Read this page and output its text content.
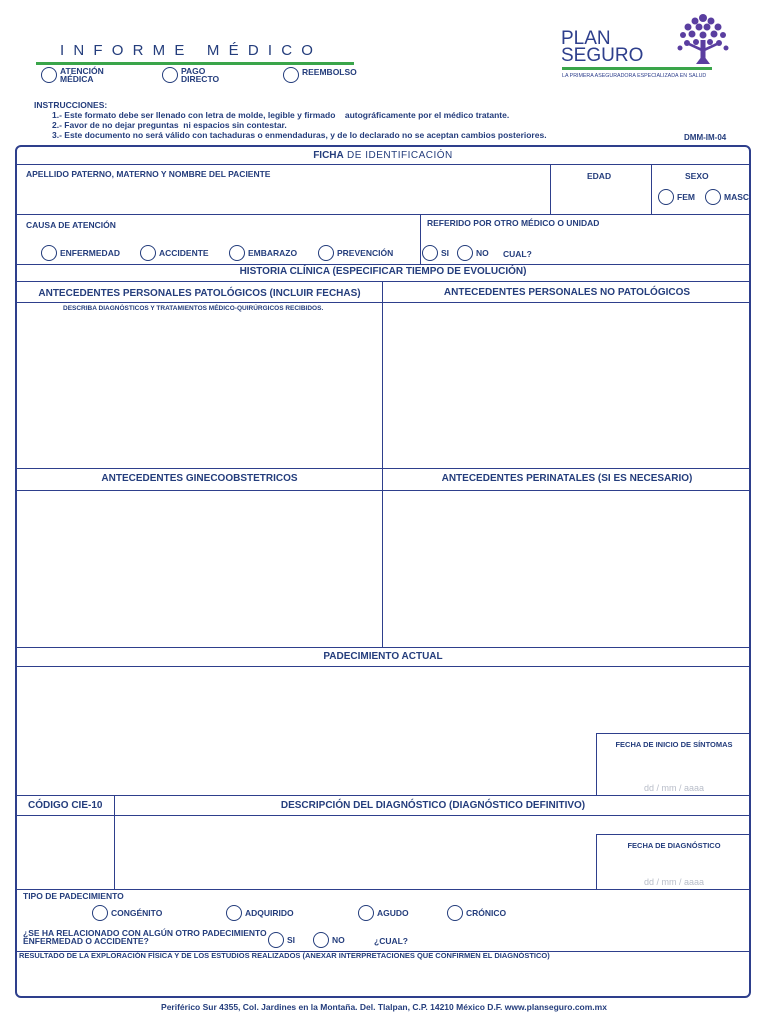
INFORME MÉDICO
ATENCIÓN
MÉDICA
PAGO
DIRECTO
REEMBOLSO
PLAN
SEGURO
LA PRIMERA ASEGURADORA ESPECIALIZADA EN SALUD
INSTRUCCIONES:
1.- Este formato debe ser llenado con letra de molde, legible y firmado    autográficamente por el médico tratante.
2.- Favor de no dejar preguntas  ni espacios sin contestar.
3.- Este documento no será válido con tachaduras o enmendaduras, y de lo declarado no se aceptan cambios posteriores.	DMM-IM-04
FICHA DE IDENTIFICACIÓN
APELLIDO PATERNO, MATERNO Y NOMBRE DEL PACIENTE	EDAD	SEXO
FEM	MASC
CAUSA DE ATENCIÓN
ENFERMEDAD	ACCIDENTE	EMBARAZO	PREVENCIÓN
REFERIDO POR OTRO MÉDICO O UNIDAD
SI	NO CUAL?
HISTORIA CLÍNICA (ESPECIFICAR TIEMPO DE EVOLUCIÓN)
ANTECEDENTES PERSONALES PATOLÓGICOS (INCLUIR FECHAS)	ANTECEDENTES PERSONALES NO PATOLÓGICOS
DESCRIBA DIAGNÓSTICOS Y TRATAMIENTOS MÉDICO-QUIRÚRGICOS RECIBIDOS.
ANTECEDENTES GINECOOBSTETRICOS	ANTECEDENTES PERINATALES (SI ES NECESARIO)
PADECIMIENTO ACTUAL
FECHA DE INICIO DE SÍNTOMAS
dd / mm / aaaa
CÓDIGO CIE-10	DESCRIPCIÓN DEL DIAGNÓSTICO (DIAGNÓSTICO DEFINITIVO)
FECHA DE DIAGNÓSTICO
dd / mm / aaaa
TIPO DE PADECIMIENTO
CONGÉNITO	ADQUIRIDO	AGUDO	CRÓNICO
¿SE HA RELACIONADO CON ALGÚN OTRO PADECIMIENTO
ENFERMEDAD O ACCIDENTE?	SI	NO	¿CUAL?
RESULTADO DE LA EXPLORACIÓN FÍSICA Y DE LOS ESTUDIOS REALIZADOS (ANEXAR INTERPRETACIONES QUE CONFIRMEN EL DIAGNÓSTICO)
Periférico Sur 4355, Col. Jardines en la Montaña. Del. Tlalpan, C.P. 14210 México D.F. www.planseguro.com.mx
